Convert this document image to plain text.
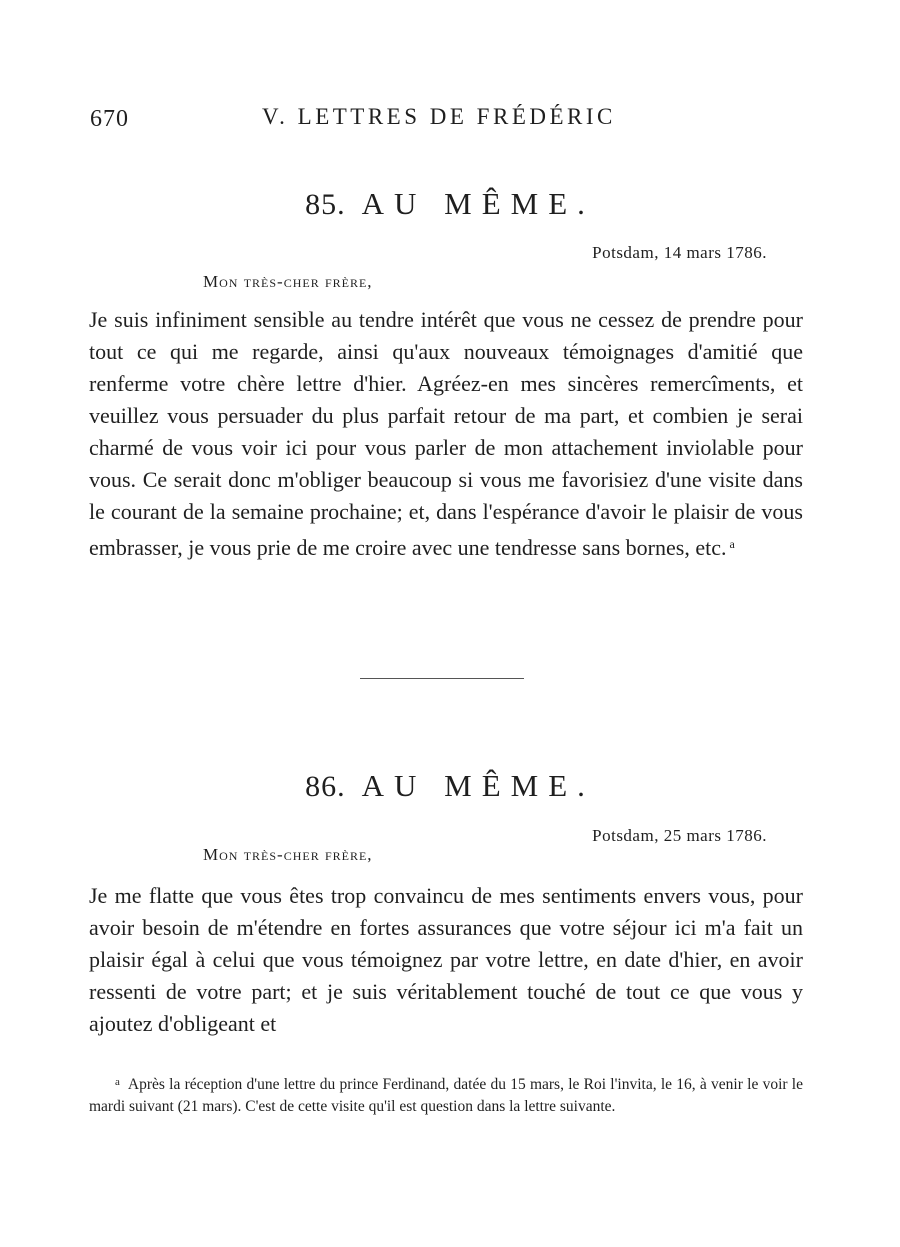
670	V. LETTRES DE FRÉDÉRIC
85. AU MÊME.
Potsdam, 14 mars 1786.
Mon très-cher frère,

Je suis infiniment sensible au tendre intérêt que vous ne cessez de prendre pour tout ce qui me regarde, ainsi qu'aux nouveaux témoignages d'amitié que renferme votre chère lettre d'hier. Agréez-en mes sincères remercîments, et veuillez vous persuader du plus parfait retour de ma part, et combien je serai charmé de vous voir ici pour vous parler de mon attachement inviolable pour vous. Ce serait donc m'obliger beaucoup si vous me favorisiez d'une visite dans le courant de la semaine prochaine; et, dans l'espérance d'avoir le plaisir de vous embrasser, je vous prie de me croire avec une tendresse sans bornes, etc. $^a$

86. AU MÊME.
Potsdam, 25 mars 1786.
Mon très-cher frère,

Je me flatte que vous êtes trop convaincu de mes sentiments envers vous, pour avoir besoin de m'étendre en fortes assurances que votre séjour ici m'a fait un plaisir égal à celui que vous témoignez par votre lettre, en date d'hier, en avoir ressenti de votre part; et je suis véritablement touché de tout ce que vous y ajoutez d'obligeant et

a Après la réception d'une lettre du prince Ferdinand, datée du 15 mars, le Roi l'invita, le 16, à venir le voir le mardi suivant (21 mars). C'est de cette visite qu'il est question dans la lettre suivante.
